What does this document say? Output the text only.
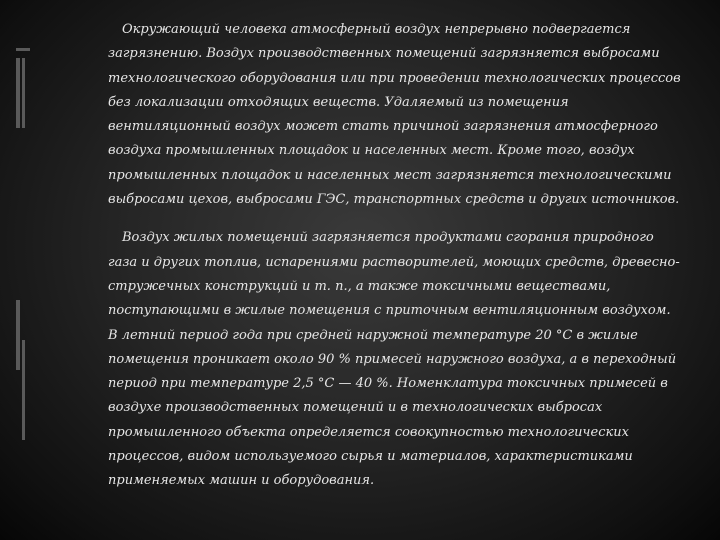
Окружающий человека атмосферный воздух непрерывно подвергается загрязнению. Воздух производственных помещений загрязняется выбросами технологического оборудования или при проведении технологических процессов без локализации отходящих веществ. Удаляемый из помещения вентиляционный воздух может стать причиной загрязнения атмосферного воздуха промышленных площадок и населенных мест. Кроме того, воздух промышленных площадок и населенных мест загрязняется технологическими выбросами цехов, выбросами ГЭС, транспортных средств и других источников.

Воздух жилых помещений загрязняется продуктами сгорания природного газа и других топлив, испарениями растворителей, моющих средств, древесно-стружечных конструкций и т. п., а также токсичными веществами, поступающими в жилые помещения с приточным вентиляционным воздухом. В летний период года при средней наружной температуре 20 °С в жилые помещения проникает около 90 % примесей наружного воздуха, а в переходный период при температуре 2,5 °С — 40 %. Номенклатура токсичных примесей в воздухе производственных помещений и в технологических выбросах промышленного объекта определяется совокупностью технологических процессов, видом используемого сырья и материалов, характеристиками применяемых машин и оборудования.
